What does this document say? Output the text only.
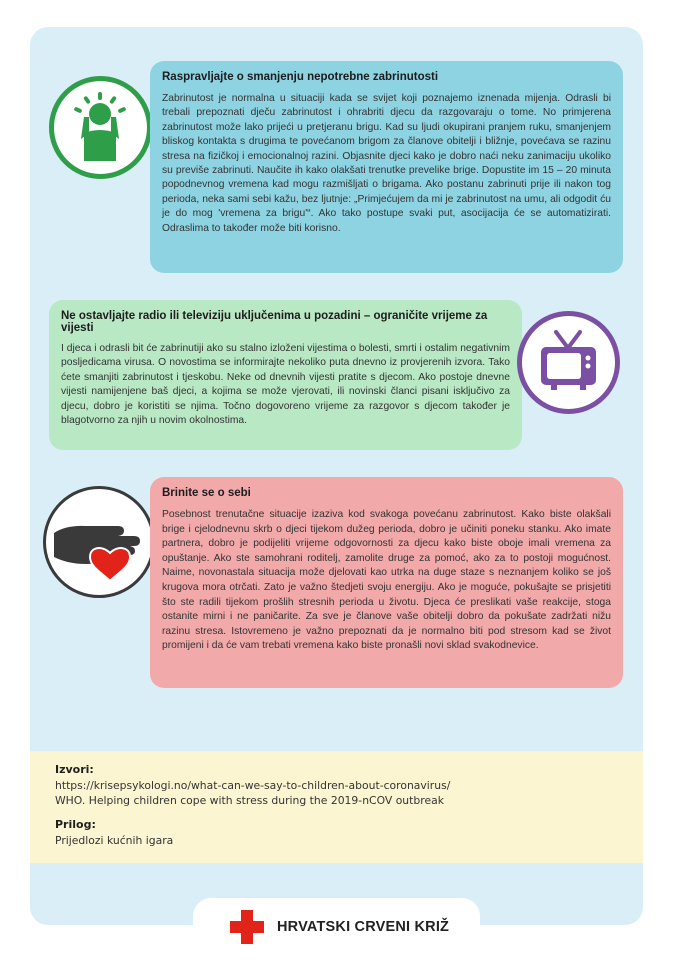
Raspravljajte o smanjenju nepotrebne zabrinutosti

Zabrinutost je normalna u situaciji kada se svijet koji poznajemo iznenada mijenja. Odrasli bi trebali prepoznati dječu zabrinutost i ohrabriti djecu da razgovaraju o tome. No primjerena zabrinutost može lako prijeći u pretjeranu brigu. Kad su ljudi okupirani pranjem ruku, smanjenjem bliskog kontakta s drugima te povećanom brigom za članove obitelji i bližnje, povećava se razinu stresa na fizičkoj i emocionalnoj razini. Objasnite djeci kako je dobro naći neku zanimaciju ukoliko su previše zabrinuti. Naučite ih kako olakšati trenutke prevelike brige. Dopustite im 15 – 20 minuta popodnevnog vremena kad mogu razmišljati o brigama. Ako postanu zabrinuti prije ili nakon tog perioda, neka sami sebi kažu, bez ljutnje: „Primjećujem da mi je zabrinutost na umu, ali odgodit ću je do mog 'vremena za brigu'“. Ako tako postupe svaki put, asocijacija će se automatizirati. Odraslima to također može biti korisno.

Ne ostavljajte radio ili televiziju uključenima u pozadini – ograničite vrijeme za vijesti

I djeca i odrasli bit će zabrinutiji ako su stalno izloženi vijestima o bolesti, smrti i ostalim negativnim posljedicama virusa. O novostima se informirajte nekoliko puta dnevno iz provjerenih izvora. Tako ćete smanjiti zabrinutost i tjeskobu. Neke od dnevnih vijesti pratite s djecom. Ako postoje dnevne vijesti namijenjene baš djeci, a kojima se može vjerovati, ili novinski članci pisani isključivo za djecu, dobro je koristiti se njima. Točno dogovoreno vrijeme za razgovor s djecom također je blagotvorno za njih u novim okolnostima.

Brinite se o sebi

Posebnost trenutačne situacije izaziva kod svakoga povećanu zabrinutost. Kako biste olakšali brige i cjelodnevnu skrb o djeci tijekom dužeg perioda, dobro je učiniti poneku stanku. Ako imate partnera, dobro je podijeliti vrijeme odgovornosti za djecu kako biste oboje imali vremena za opuštanje. Ako ste samohrani roditelj, zamolite druge za pomoć, ako za to postoji mogućnost. Naime, novonastala situacija može djelovati kao utrka na duge staze s neznanjem koliko se još krugova mora otrčati. Zato je važno štedjeti svoju energiju. Ako je moguće, pokušajte se prisjetiti što ste radili tijekom prošlih stresnih perioda u životu. Djeca će preslikati vaše reakcije, stoga ostanite mirni i ne paničarite. Za sve je članove vaše obitelji dobro da pokušate zadržati nižu razinu stresa. Istovremeno je važno prepoznati da je normalno biti pod stresom kad se život promijeni i da će vam trebati vremena kako biste pronašli novi sklad svakodnevice.

Izvori:

https://krisepsykologi.no/what-can-we-say-to-children-about-coronavirus/

WHO. Helping children cope with stress during the 2019-nCOV outbreak

Prilog:

Prijedlozi kućnih igara

HRVATSKI CRVENI KRIŽ
